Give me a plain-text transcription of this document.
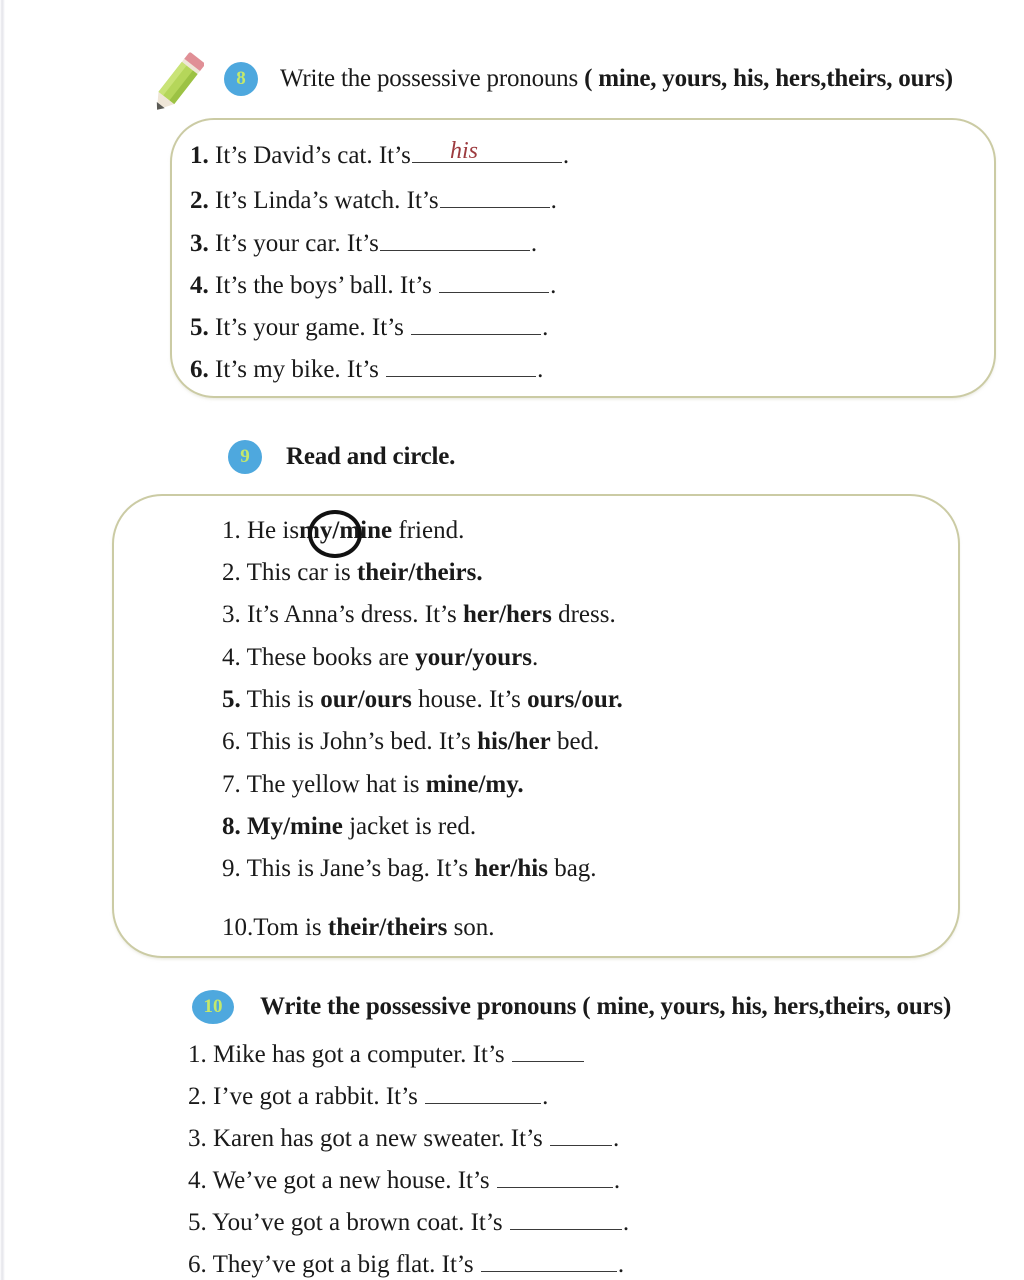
8	Write the possessive pronouns ( mine, yours, his, hers,theirs, ours)
1. It’s David’s cat. It’s	.
his
2. It’s Linda’s watch. It’s	.
3. It’s your car. It’s	.
4. It’s the boys’ ball. It’s	.
5. It’s your game. It’s	.
6. It’s my bike. It’s	.
9	Read and circle.
1. He ismy/mine friend.
2. This car is their/theirs.
3. It’s Anna’s dress. It’s her/hers dress.
4. These books are your/yours.
5. This is our/ours house. It’s ours/our.
6. This is John’s bed. It’s his/her bed.
7. The yellow hat is mine/my.
8. My/mine jacket is red.
9. This is Jane’s bag. It’s her/his bag.
10.Tom is their/theirs son.
10	Write the possessive pronouns ( mine, yours, his, hers,theirs, ours)
1. Mike has got a computer. It’s
2. I’ve got a rabbit. It’s	.
3. Karen has got a new sweater. It’s	.
4. We’ve got a new house. It’s	.
5. You’ve got a brown coat. It’s	.
6. They’ve got a big flat. It’s	.
